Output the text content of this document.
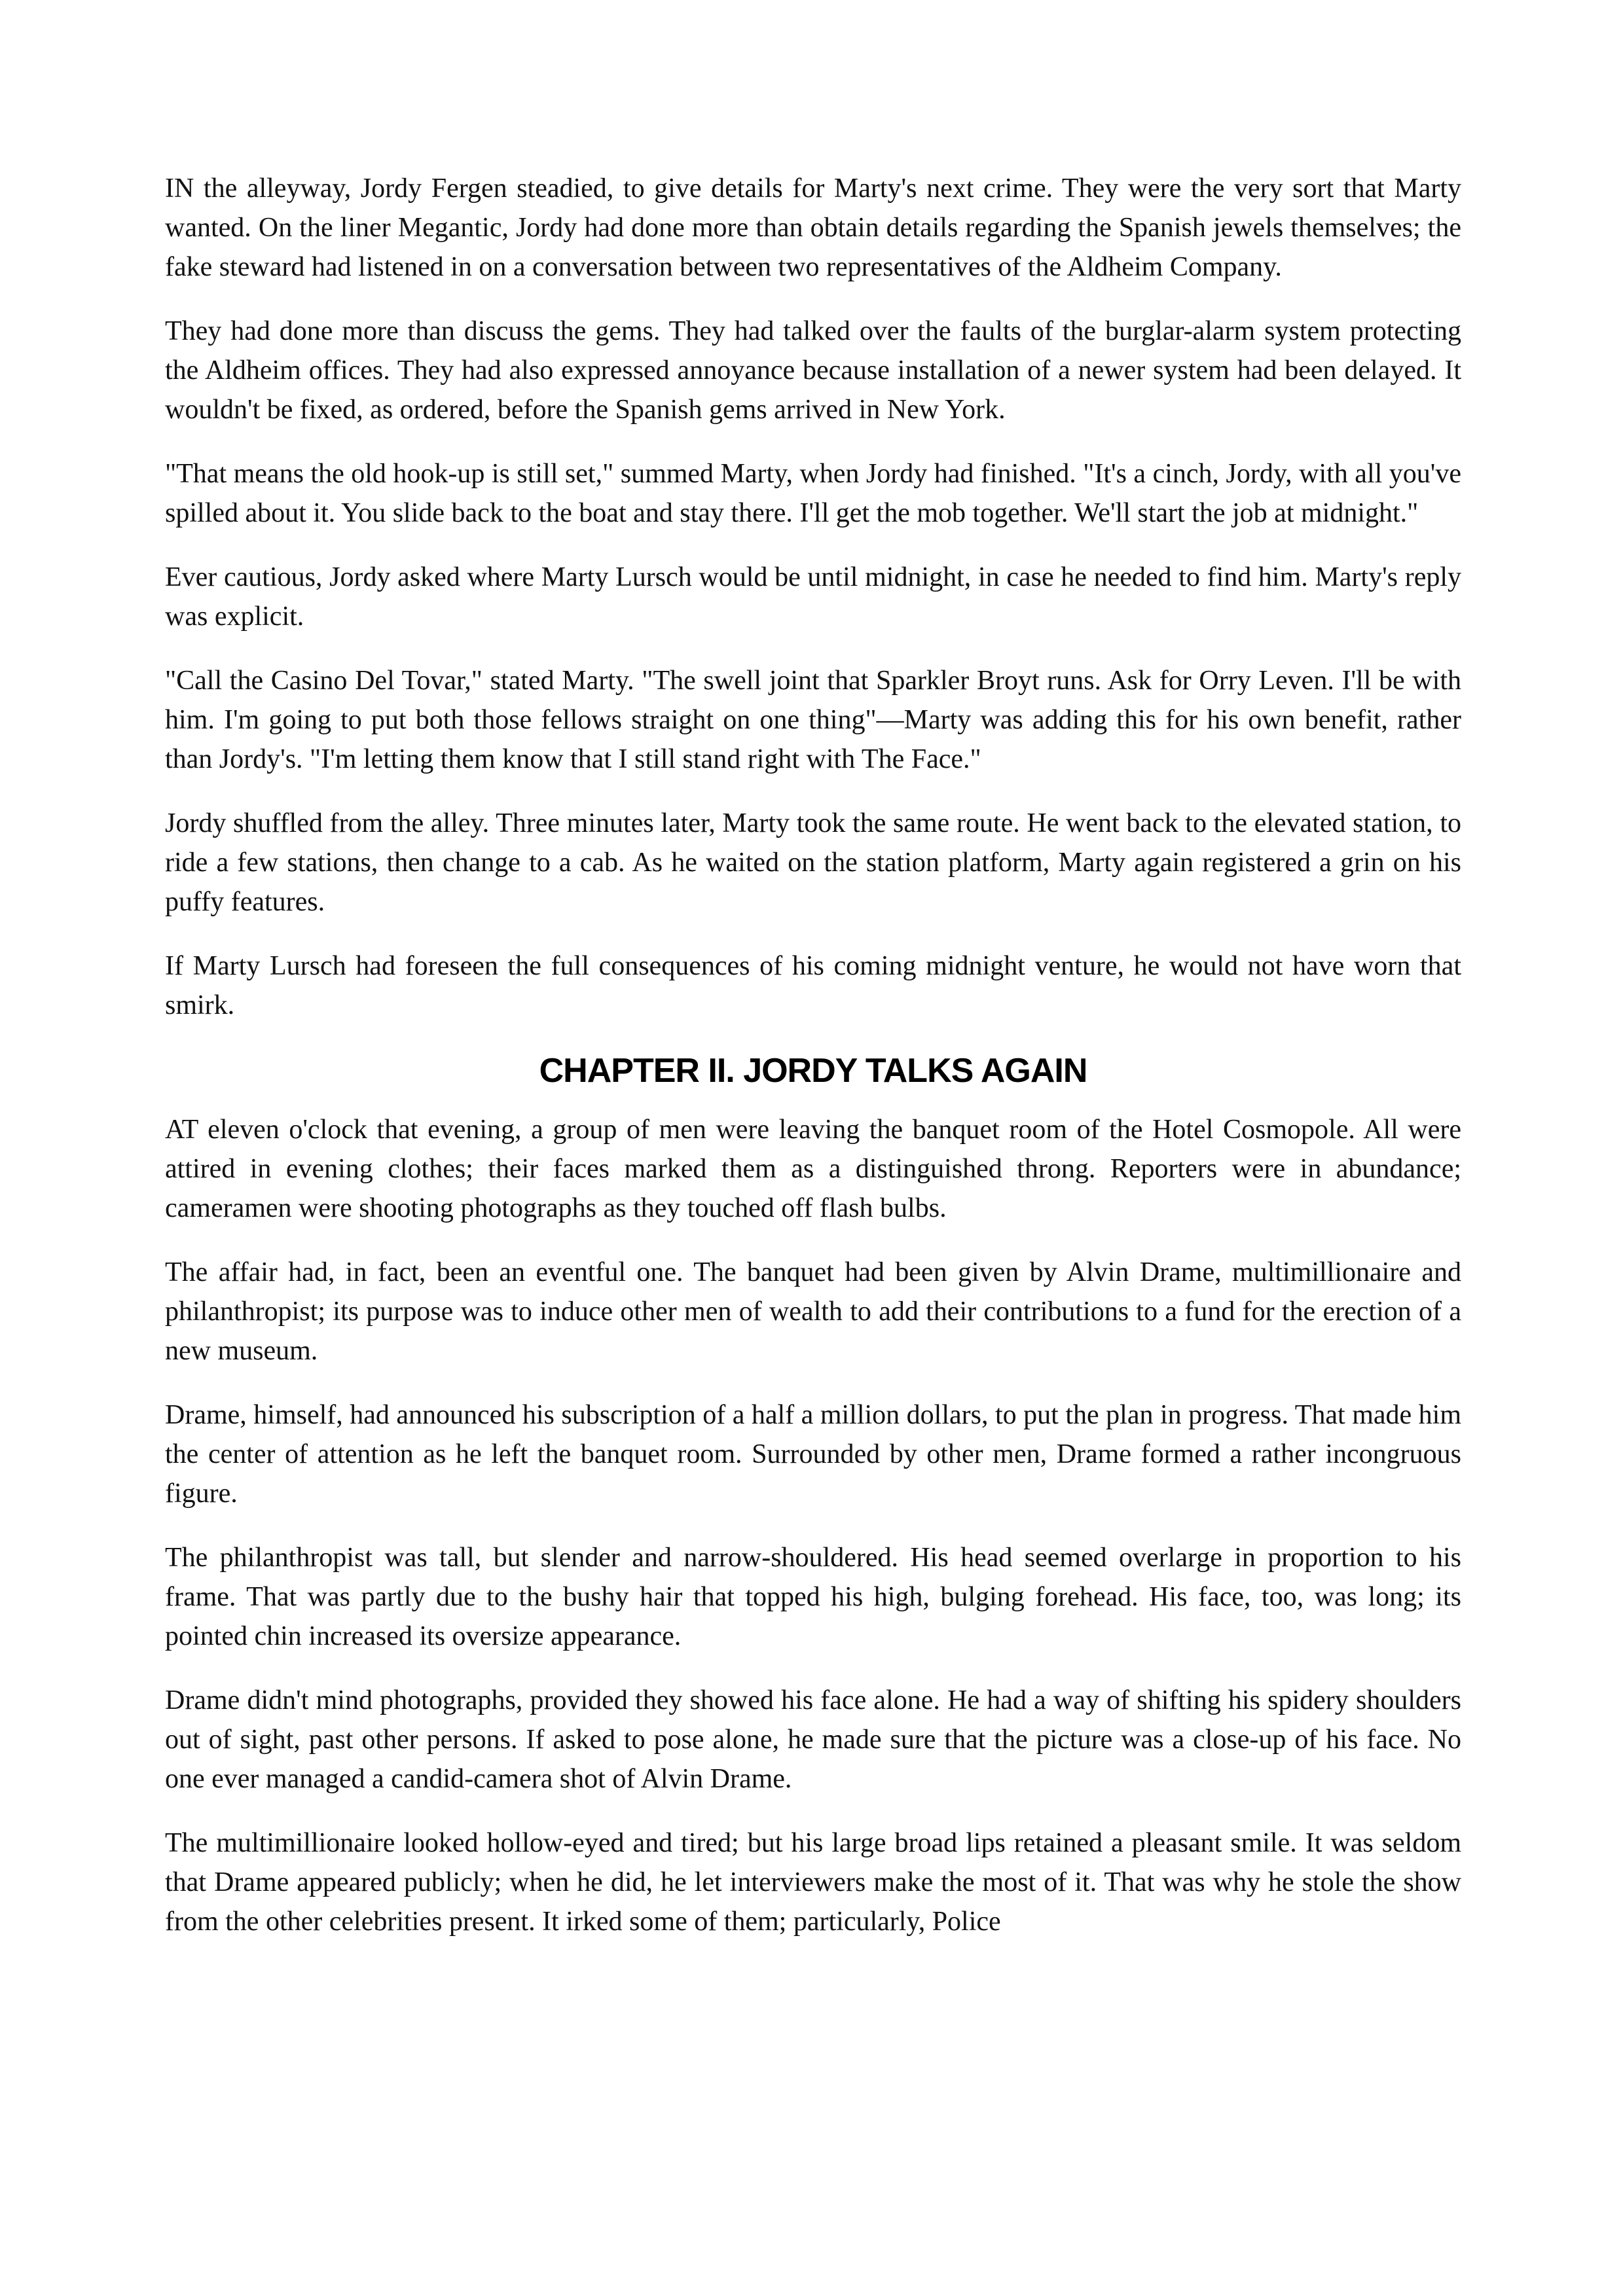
IN the alleyway, Jordy Fergen steadied, to give details for Marty's next crime. They were the very sort that Marty wanted. On the liner Megantic, Jordy had done more than obtain details regarding the Spanish jewels themselves; the fake steward had listened in on a conversation between two representatives of the Aldheim Company.

They had done more than discuss the gems. They had talked over the faults of the burglar-alarm system protecting the Aldheim offices. They had also expressed annoyance because installation of a newer system had been delayed. It wouldn't be fixed, as ordered, before the Spanish gems arrived in New York.

"That means the old hook-up is still set," summed Marty, when Jordy had finished. "It's a cinch, Jordy, with all you've spilled about it. You slide back to the boat and stay there. I'll get the mob together. We'll start the job at midnight."

Ever cautious, Jordy asked where Marty Lursch would be until midnight, in case he needed to find him. Marty's reply was explicit.

"Call the Casino Del Tovar," stated Marty. "The swell joint that Sparkler Broyt runs. Ask for Orry Leven. I'll be with him. I'm going to put both those fellows straight on one thing"—Marty was adding this for his own benefit, rather than Jordy's. "I'm letting them know that I still stand right with The Face."

Jordy shuffled from the alley. Three minutes later, Marty took the same route. He went back to the elevated station, to ride a few stations, then change to a cab. As he waited on the station platform, Marty again registered a grin on his puffy features.

If Marty Lursch had foreseen the full consequences of his coming midnight venture, he would not have worn that smirk.

CHAPTER II. JORDY TALKS AGAIN

AT eleven o'clock that evening, a group of men were leaving the banquet room of the Hotel Cosmopole. All were attired in evening clothes; their faces marked them as a distinguished throng. Reporters were in abundance; cameramen were shooting photographs as they touched off flash bulbs.

The affair had, in fact, been an eventful one. The banquet had been given by Alvin Drame, multimillionaire and philanthropist; its purpose was to induce other men of wealth to add their contributions to a fund for the erection of a new museum.

Drame, himself, had announced his subscription of a half a million dollars, to put the plan in progress. That made him the center of attention as he left the banquet room. Surrounded by other men, Drame formed a rather incongruous figure.

The philanthropist was tall, but slender and narrow-shouldered. His head seemed overlarge in proportion to his frame. That was partly due to the bushy hair that topped his high, bulging forehead. His face, too, was long; its pointed chin increased its oversize appearance.

Drame didn't mind photographs, provided they showed his face alone. He had a way of shifting his spidery shoulders out of sight, past other persons. If asked to pose alone, he made sure that the picture was a close-up of his face. No one ever managed a candid-camera shot of Alvin Drame.

The multimillionaire looked hollow-eyed and tired; but his large broad lips retained a pleasant smile. It was seldom that Drame appeared publicly; when he did, he let interviewers make the most of it. That was why he stole the show from the other celebrities present. It irked some of them; particularly, Police
